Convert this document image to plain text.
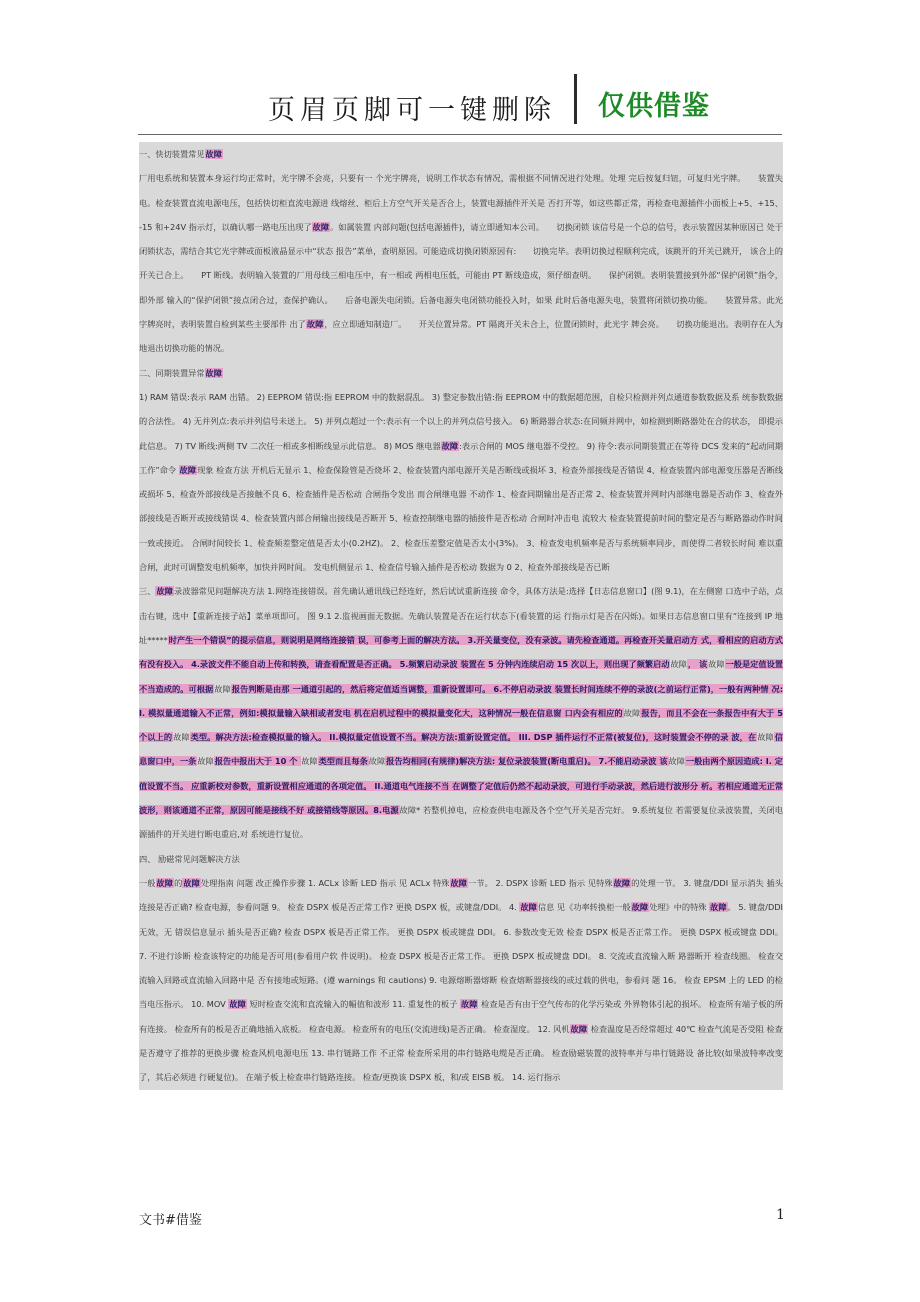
页眉页脚可一键删除 仅供借鉴

一、快切装置常见故障

厂用电系统和装置本身运行均正常时，光字牌不会亮，只要有一 个光字牌亮，说明工作状态有情况，需根据不同情况进行处理。处理 完后按复归钮，可复归光字牌。　　装置失电。检查装置直流电源电压，包括快切柜直流电源进 线熔丝、柜后上方空气开关是否合上，装置电源插件开关是 否打开等，如这些都正常，再检查电源插件小面板上+5、+15、 -15 和+24V 指示灯，以确认哪一路电压出现了故障。如属装置 内部问题(包括电源插件)，请立即通知本公司。　　切换闭锁 该信号是一个总的信号，表示装置因某种原因已 处于闭锁状态，需结合其它光字牌或面板液晶显示中“状态 报告”菜单，查明原因。可能造成切换闭锁原因有:　　切换完毕。表明切换过程顺利完成，该跳开的开关已跳开， 该合上的开关已合上。　　PT 断线。表明输入装置的厂用母线三相电压中，有一相或 两相电压低，可能由 PT 断线造成，须仔细查明。　　保护闭锁。表明装置接到外部“保护闭锁”指令，即外部 输入的“保护闭锁”接点闭合过，查保护确认。　　后备电源失电闭锁。后备电源失电闭锁功能投入时，如果 此时后备电源失电，装置将闭锁切换功能。　　装置异常。此光字牌亮时，表明装置自检到某些主要部件 出了故障，应立即通知制造厂。　　开关位置异常。PT 隔离开关未合上，位置闭锁时，此光字 牌会亮。　　切换功能退出。表明存在人为地退出切换功能的情况。

二、同期装置异常故障

1) RAM 错误:表示 RAM 出错。 2) EEPROM 错误:指 EEPROM 中的数据混乱。 3) 整定参数出错:指 EEPROM 中的数据超范围，自检只检测并列点通道参数数据及系 统参数数据的合法性。 4) 无并列点:表示并列信号未送上。 5) 并列点超过一个:表示有一个以上的并列点信号接入。 6) 断路器合状态:在同频并网中，如检测到断路器处在合的状态， 即提示此信息。 7) TV 断线:两侧 TV 二次任一相或多相断线显示此信息。 8) MOS 继电器故障:表示合闸的 MOS 继电器不受控。 9) 待令:表示同期装置正在等待 DCS 发来的“起动同期工作”命令 故障现象 检查方法 开机后无显示 1、检查保险管是否烧坏 2、检查装置内部电源开关是否断线或损坏 3、检查外部接线是否错误 4、检查装置内部电源变压器是否断线或损坏 5、检查外部接线是否接触不良 6、检查插件是否松动 合闸指令发出 而合闸继电器 不动作 1、检查同期输出是否正常 2、检查装置并网时内部继电器是否动作 3、检查外部接线是否断开或接线错误 4、检查装置内部合闸输出接线是否断开 5、检查控制继电器的插接件是否松动 合闸时冲击电 流较大 检查装置提前时间的整定是否与断路器动作时间一致或接近。 合闸时间较长 1、检查频差整定值是否太小(0.2HZ)。 2、检查压差整定值是否太小(3%)。 3、检查发电机频率是否与系统频率同步，而使得二者较长时间 难以重合闸，此时可调整发电机频率，加快并网时间。 发电机侧显示 1、检查信号输入插件是否松动 数据为 0 2、检查外部接线是否已断

三、故障录波器常见问题解决方法 1.网络连接错误。首先确认通讯线已经连好，然后试试重新连接 命令，具体方法是:选择【日志信息窗口】(图 9.1)，在左侧窗 口选中子站，点击右键，选中【重新连接子站】菜单项即可。 图 9.1 2.监视画面无数据。先确认装置是否在运行状态下(看装置的运 行指示灯是否在闪烁)。如果日志信息窗口里有“连接到 IP 地 址*****时产生一个错误”的提示信息，则说明是网络连接错 误，可参考上面的解决方法。 3.开关量变位，没有录波。请先检查通道。再检查开关量启动方 式，看相应的启动方式有没有投入。 4.录波文件不能自动上传和转换，请查看配置是否正确。 5.频繁启动录波 装置在 5 分钟内连续启动 15 次以上，则出现了频繁启动故障， 该故障一般是定值设置不当造成的。可根据故障报告判断是由那 一通道引起的，然后将定值适当调整，重新设置即可。 6.不停启动录波 装置长时间连续不停的录波(之前运行正常)，一般有两种情 况: I. 模拟量通道输入不正常，例如:模拟量输入缺相或者发电 机在启机过程中的模拟量变化大，这种情况一般在信息窗 口内会有相应的故障报告，而且不会在一条报告中有大于 5 个以上的故障类型。解决方法:检查模拟量的输入。 II.模拟量定值设置不当。解决方法:重新设置定值。 III. DSP 插件运行不正常(被复位)，这时装置会不停的录 波，在故障信息窗口中，一条故障报告中报出大于 10 个 故障类型而且每条故障报告均相同(有规律)解决方法: 复位录波装置(断电重启)。 7.不能启动录波 该故障一般由两个原因造成: I. 定值设置不当。 应重新校对参数，重新设置相应通道的各项定值。 II.通道电气连接不当 在调整了定值后仍然不起动录波，可进行手动录波，然后进行波形分 析。若相应通道无正常波形，则该通道不正常，原因可能是接线不好 或接错线等原因。8.电源故障* 若整机掉电，应检查供电电源及各个空气开关是否完好。 9.系统复位 若需要复位录波装置，关闭电源插件的开关进行断电重启,对 系统进行复位。

四、 励磁常见问题解决方法

一般故障的故障处理指南 问题 改正操作步骤 1. ACLx 诊断 LED 指示 见 ACLx 特殊故障一节。 2. DSPX 诊断 LED 指示 见特殊故障的处理一节。 3. 键盘/DDI 显示消失 插头连接是否正确? 检查电源，参看问题 9。 检查 DSPX 板是否正常工作? 更换 DSPX 板，或键盘/DDI。 4. 故障信息 见《功率转换柜一般故障处理》中的特殊 故障。 5. 键盘/DDI 无效，无 错误信息显示 插头是否正确? 检查 DSPX 板是否正常工作。 更换 DSPX 板或键盘 DDI。 6. 参数改变无效 检查 DSPX 板是否正常工作。 更换 DSPX 板或键盘 DDI。 7. 不进行诊断 检查该特定的功能是否可用(参看用户软 件说明)。 检查 DSPX 板是否正常工作。 更换 DSPX 板或键盘 DDI。 8. 交流或直流输入断 路器断开 检查线圈。 检查交流输入回路或直流输入回路中是 否有接地或短路。(遵 warnings 和 cautions) 9. 电源熔断器熔断 检查熔断器接线的或过载的供电，参看问 题 16。 检查 EPSM 上的 LED 的检当电压指示。 10. MOV 故障 短时检查交流和直流输入的幅值和波形 11. 重复性的板子 故障 检查是否有由于空气传布的化学污染或 外界物体引起的损坏。 检查所有端子板的所有连接。 检查所有的板是否正确地插入底板。 检查电源。 检查所有的电压(交流进线)是否正确。 检查湿度。 12. 风机故障 检查温度是否经常超过 40℃ 检查气流是否受阻 检查是否遵守了推荐的更换步骤 检查风机电源电压 13. 串行链路工作 不正常 检查所采用的串行链路电缆是否正确。 检查励磁装置的波特率并与串行链路设 备比较(如果波特率改变了，其后必须进 行硬复位)。 在端子板上检查串行链路连接。 检查/更换该 DSPX 板，和/或 EISB 板。 14. 运行指示

文书#借鉴	1
